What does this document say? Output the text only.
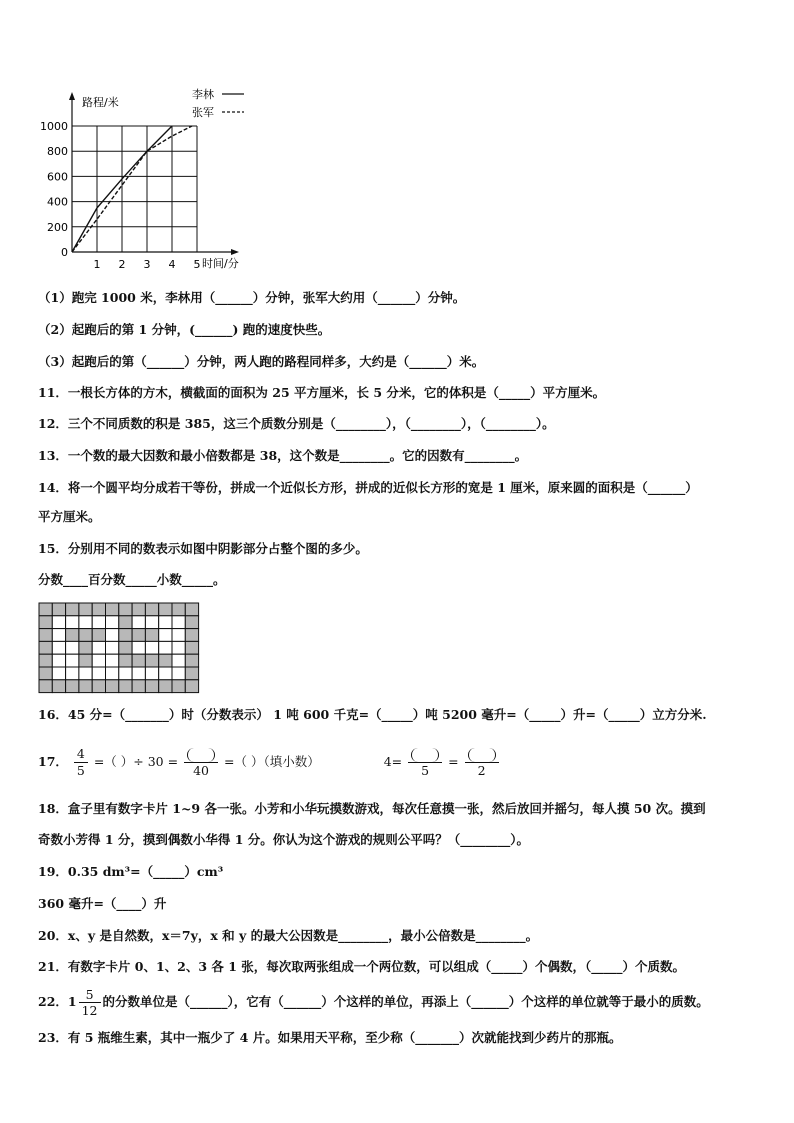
0
200
400
600
800
1000
1 2 3 4 5
路程/米
时间/分
李林
张军
（1）跑完 1000 米，李林用（______）分钟，张军大约用（______）分钟。
（2）起跑后的第 1 分钟，(______) 跑的速度快些。
（3）起跑后的第（______）分钟，两人跑的路程同样多，大约是（______）米。
11．一根长方体的方木，横截面的面积为 25 平方厘米，长 5 分米，它的体积是（_____）平方厘米。
12．三个不同质数的积是 385，这三个质数分别是（________），（________），（________）。
13．一个数的最大因数和最小倍数都是 38，这个数是________。它的因数有________。
14．将一个圆平均分成若干等份，拼成一个近似长方形，拼成的近似长方形的宽是 1 厘米，原来圆的面积是（______）
平方厘米。
15．分别用不同的数表示如图中阴影部分占整个图的多少。
分数____百分数_____小数_____。
16．45 分=（_______）时（分数表示） 1 吨 600 千克=（_____）吨 5200 毫升=（_____）升=（_____）立方分米.
17． $\frac{4}{5}$ =（ ）÷ 30 =
40
=（ ）（填小数）	4=
5
=
2
18．盒子里有数字卡片 1~9 各一张。小芳和小华玩摸数游戏，每次任意摸一张，然后放回并摇匀，每人摸 50 次。摸到
奇数小芳得 1 分，摸到偶数小华得 1 分。你认为这个游戏的规则公平吗？（________）。
19．0.35 dm³=（_____）cm³
360 毫升=（____）升
20．x、y 是自然数，x＝7y，x 和 y 的最大公因数是________，最小公倍数是________。
21．有数字卡片 0、1、2、3 各 1 张，每次取两张组成一个两位数，可以组成（_____）个偶数，（_____）个质数。
22．$1 \frac{5}{12}$ 的分数单位是（______），它有（______）个这样的单位，再添上（______）个这样的单位就等于最小的质数。
23．有 5 瓶维生素，其中一瓶少了 4 片。如果用天平称，至少称（_______）次就能找到少药片的那瓶。
